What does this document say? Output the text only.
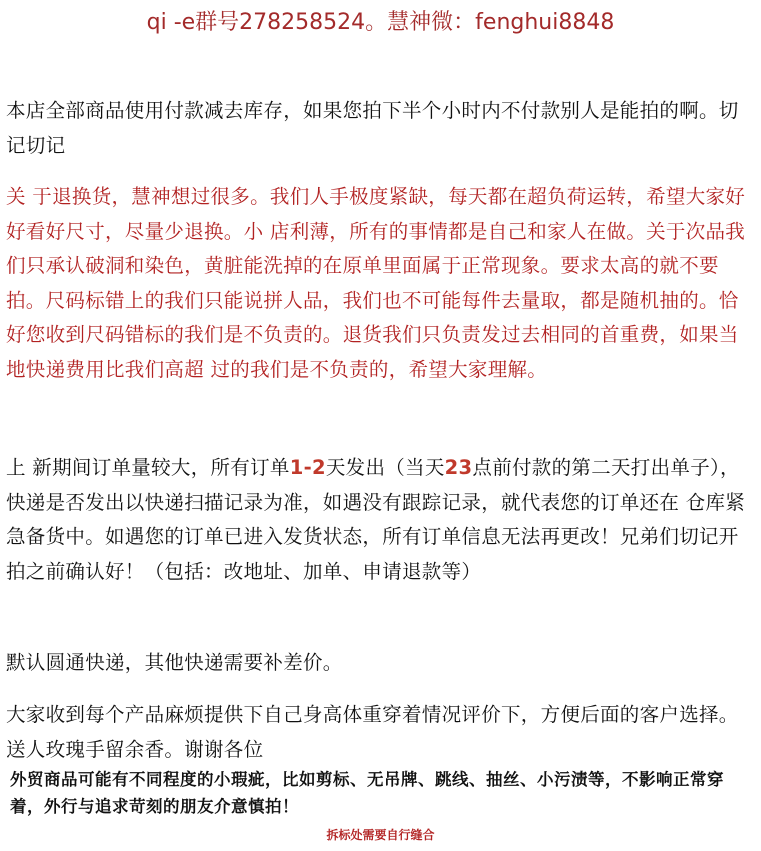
qi -e群号278258524。慧神微：fenghui8848
本店全部商品使用付款减去库存，如果您拍下半个小时内不付款别人是能拍的啊。切记切记
关 于退换货，慧神想过很多。我们人手极度紧缺，每天都在超负荷运转，希望大家好好看好尺寸，尽量少退换。小 店利薄，所有的事情都是自己和家人在做。关于次品我们只承认破洞和染色，黄脏能洗掉的在原单里面属于正常现象。要求太高的就不要拍。尺码标错上的我们只能说拼人品，我们也不可能每件去量取，都是随机抽的。恰好您收到尺码错标的我们是不负责的。退货我们只负责发过去相同的首重费，如果当地快递费用比我们高超 过的我们是不负责的，希望大家理解。
上 新期间订单量较大，所有订单1-2天发出（当天23点前付款的第二天打出单子），快递是否发出以快递扫描记录为准，如遇没有跟踪记录，就代表您的订单还在 仓库紧急备货中。如遇您的订单已进入发货状态，所有订单信息无法再更改！兄弟们切记开拍之前确认好！（包括：改地址、加单、申请退款等）
默认圆通快递，其他快递需要补差价。
大家收到每个产品麻烦提供下自己身高体重穿着情况评价下，方便后面的客户选择。送人玫瑰手留余香。谢谢各位
外贸商品可能有不同程度的小瑕疵，比如剪标、无吊牌、跳线、抽丝、小污渍等，不影响正常穿着，外行与追求苛刻的朋友介意慎拍！
拆标处需要自行缝合
